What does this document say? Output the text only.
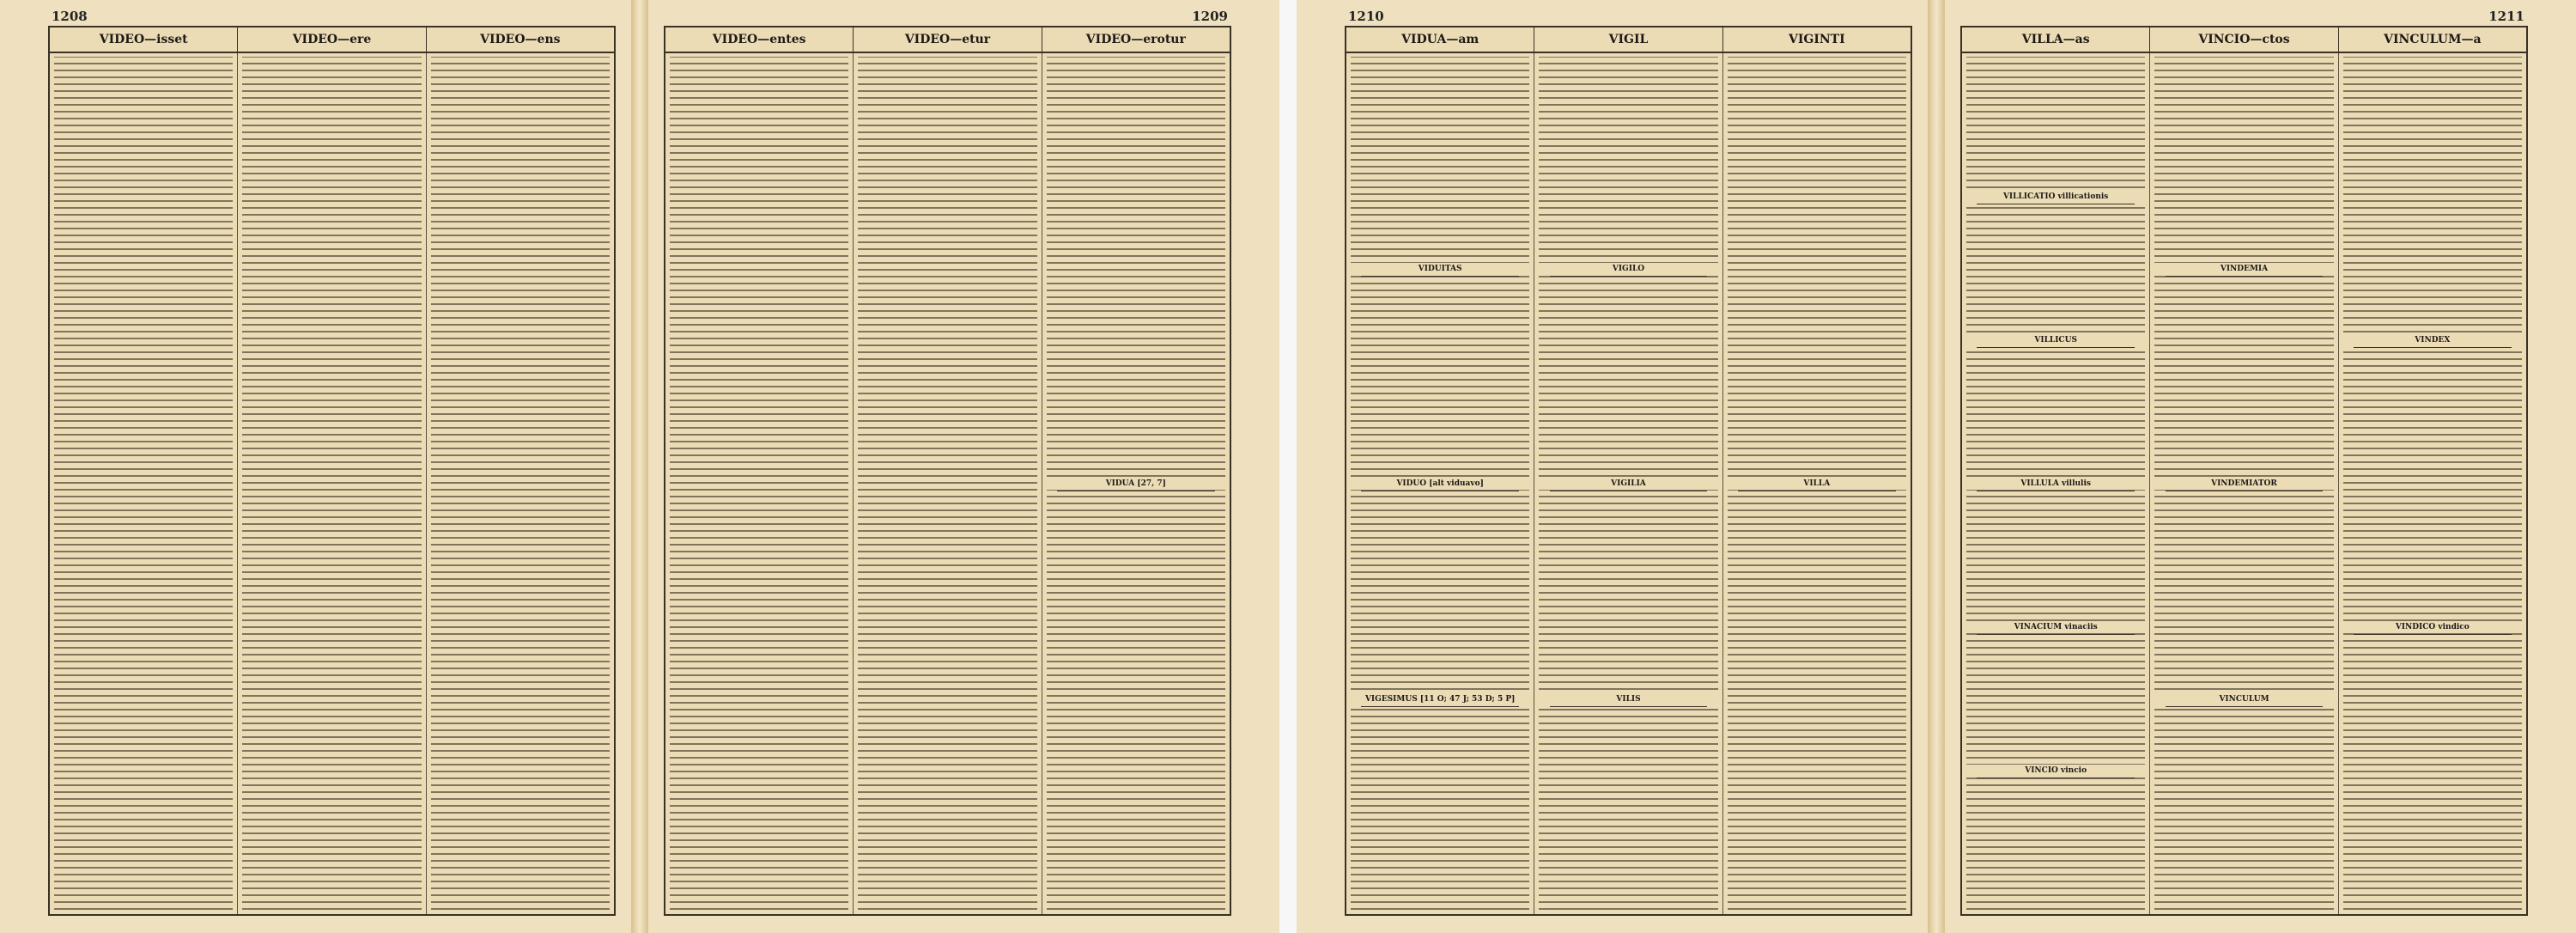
1208
VIDEO—isset	VIDEO—ere	VIDEO—ens
1209
VIDEO—entes	VIDEO—etur	VIDEO—erotur
VIDUA [27, 7]
1210
VIDUA—am	VIGIL	VIGINTI
VIDUITAS
VIDUO [alt viduavo]
VIGESIMUS [11 O; 47 J; 53 D; 5 P]
VIGILO
VIGILIA
VILIS
VILLA
1211
VILLA—as	VINCIO—ctos	VINCULUM—a
VILLICATIO villicationis
VILLICUS
VILLULA villulis
VINACIUM vinaciis
VINCIO vincio
VINDEMIA
VINDEMIATOR
VINCULUM
VINDEX
VINDICO vindico
